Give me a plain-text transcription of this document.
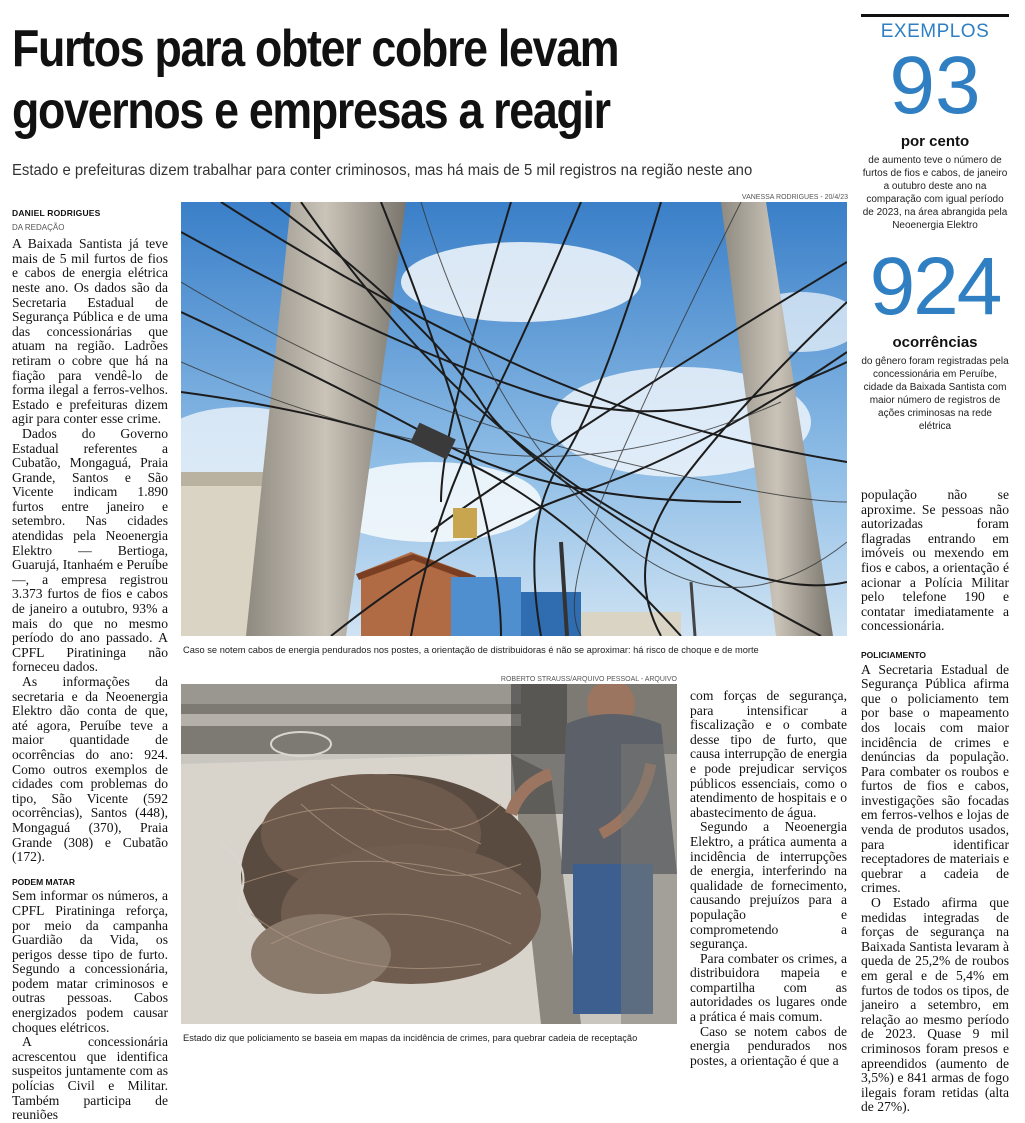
Furtos para obter cobre levam
governos e empresas a reagir
Estado e prefeituras dizem trabalhar para conter criminosos, mas há mais de 5 mil registros na região neste ano
DANIEL RODRIGUES
DA REDAÇÃO

A Baixada Santista já teve mais de 5 mil furtos de fios e cabos de energia elétrica neste ano. Os dados são da Secretaria Estadual de Segurança Pública e de uma das concessionárias que atuam na região. Ladrões retiram o cobre que há na fiação para vendê-lo de forma ilegal a ferros-velhos. Estado e prefeituras dizem agir para conter esse crime.

Dados do Governo Estadual referentes a Cubatão, Mongaguá, Praia Grande, Santos e São Vicente indicam 1.890 furtos entre janeiro e setembro. Nas cidades atendidas pela Neoenergia Elektro — Bertioga, Guarujá, Itanhaém e Peruíbe —, a empresa registrou 3.373 furtos de fios e cabos de janeiro a outubro, 93% a mais do que no mesmo período do ano passado. A CPFL Piratininga não forneceu dados.

As informações da secretaria e da Neoenergia Elektro dão conta de que, até agora, Peruíbe teve a maior quantidade de ocorrências do ano: 924. Como outros exemplos de cidades com problemas do tipo, São Vicente (592 ocorrências), Santos (448), Mongaguá (370), Praia Grande (308) e Cubatão (172).

PODEM MATAR

Sem informar os números, a CPFL Piratininga reforça, por meio da campanha Guardião da Vida, os perigos desse tipo de furto. Segundo a concessionária, podem matar criminosos e outras pessoas. Cabos energizados podem causar choques elétricos.

A concessionária acrescentou que identifica suspeitos juntamente com as polícias Civil e Militar. Também participa de reuniões

VANESSA RODRIGUES - 20/4/23
Caso se notem cabos de energia pendurados nos postes, a orientação de distribuidoras é não se aproximar: há risco de choque e de morte
ROBERTO STRAUSS/ARQUIVO PESSOAL - ARQUIVO
Estado diz que policiamento se baseia em mapas da incidência de crimes, para quebrar cadeia de receptação

com forças de segurança, para intensificar a fiscalização e o combate desse tipo de furto, que causa interrupção de energia e pode prejudicar serviços públicos essenciais, como o atendimento de hospitais e o abastecimento de água.

Segundo a Neoenergia Elektro, a prática aumenta a incidência de interrupções de energia, interferindo na qualidade de fornecimento, causando prejuízos para a população e comprometendo a segurança.

Para combater os crimes, a distribuidora mapeia e compartilha com as autoridades os lugares onde a prática é mais comum.

Caso se notem cabos de energia pendurados nos postes, a orientação é que a

população não se aproxime. Se pessoas não autorizadas foram flagradas entrando em imóveis ou mexendo em fios e cabos, a orientação é acionar a Polícia Militar pelo telefone 190 e contatar imediatamente a concessionária.

POLICIAMENTO

A Secretaria Estadual de Segurança Pública afirma que o policiamento tem por base o mapeamento dos locais com maior incidência de crimes e denúncias da população. Para combater os roubos e furtos de fios e cabos, investigações são focadas em ferros-velhos e lojas de venda de produtos usados, para identificar receptadores de materiais e quebrar a cadeia de crimes.

O Estado afirma que medidas integradas de forças de segurança na Baixada Santista levaram à queda de 25,2% de roubos em geral e de 5,4% em furtos de todos os tipos, de janeiro a setembro, em relação ao mesmo período de 2023. Quase 9 mil criminosos foram presos e apreendidos (aumento de 3,5%) e 841 armas de fogo ilegais foram retidas (alta de 27%).

EXEMPLOS
93
por cento
de aumento teve o número de furtos de fios e cabos, de janeiro a outubro deste ano na comparação com igual período de 2023, na área abrangida pela Neoenergia Elektro
924
ocorrências
do gênero foram registradas pela concessionária em Peruíbe, cidade da Baixada Santista com maior número de registros de ações criminosas na rede elétrica
